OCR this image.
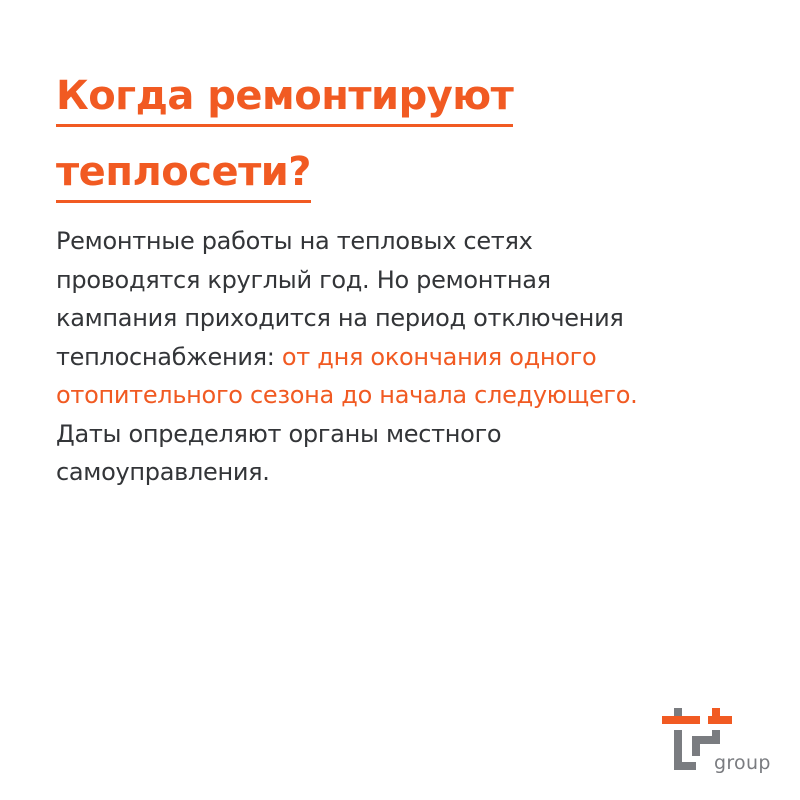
Когда ремонтируют
теплосети?

Ремонтные работы на тепловых сетях
проводятся круглый год. Но ремонтная
кампания приходится на период отключения
теплоснабжения: от дня окончания одного
отопительного сезона до начала следующего.
Даты определяют органы местного
самоуправления.

group
